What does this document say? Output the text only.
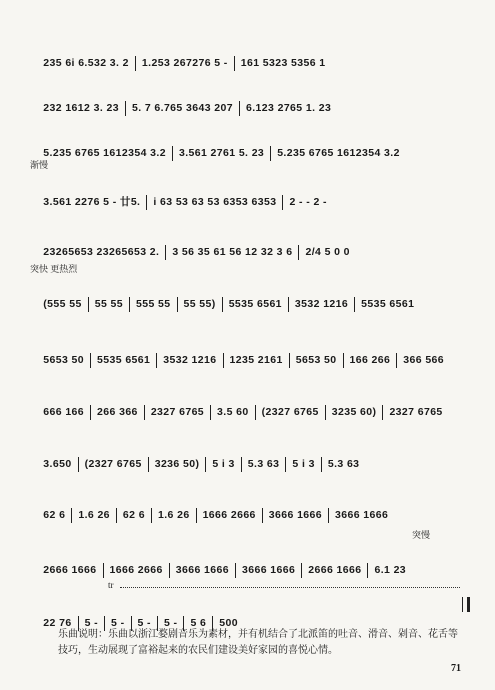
235 6i 6.532 3. 2 1.253 267276 5 - 161 5323 5356 1

232 1612 3. 23 5. 7 6.765 3643 207 6.123 2765 1. 23

5.235 6765 1612354 3.2 3.561 2761 5. 23 5.235 6765 1612354 3.2

渐慢

3.561 2276 5 - 廿5. i 63 53 63 53 6353 6353 2 - - 2 -

23265653 23265653 2. 3 56 35 61 56 12 32 3 6 2/4 5 0 0

突快 更热烈

(555 55 55 55 555 55 55 55) 5535 6561 3532 1216 5535 6561

5653 50 5535 6561 3532 1216 1235 2161 5653 50 166 266 366 566

666 166 266 366 2327 6765 3.5 60 (2327 6765 3235 60) 2327 6765

3.650 (2327 6765 3236 50) 5 i 3 5.3 63 5 i 3 5.3 63

62 6 1.6 26 62 6 1.6 26 1666 2666 3666 1666 3666 1666

突慢

2666 1666 1666 2666 3666 1666 3666 1666 2666 1666 6.1 23

tr

22 76 5 - 5 - 5 - 5 - 5 6 500

乐曲说明：乐曲以浙江婺剧音乐为素材，并有机结合了北派笛的吐音、滑音、剁音、花舌等
技巧，生动展现了富裕起来的农民们建设美好家园的喜悦心情。
71
